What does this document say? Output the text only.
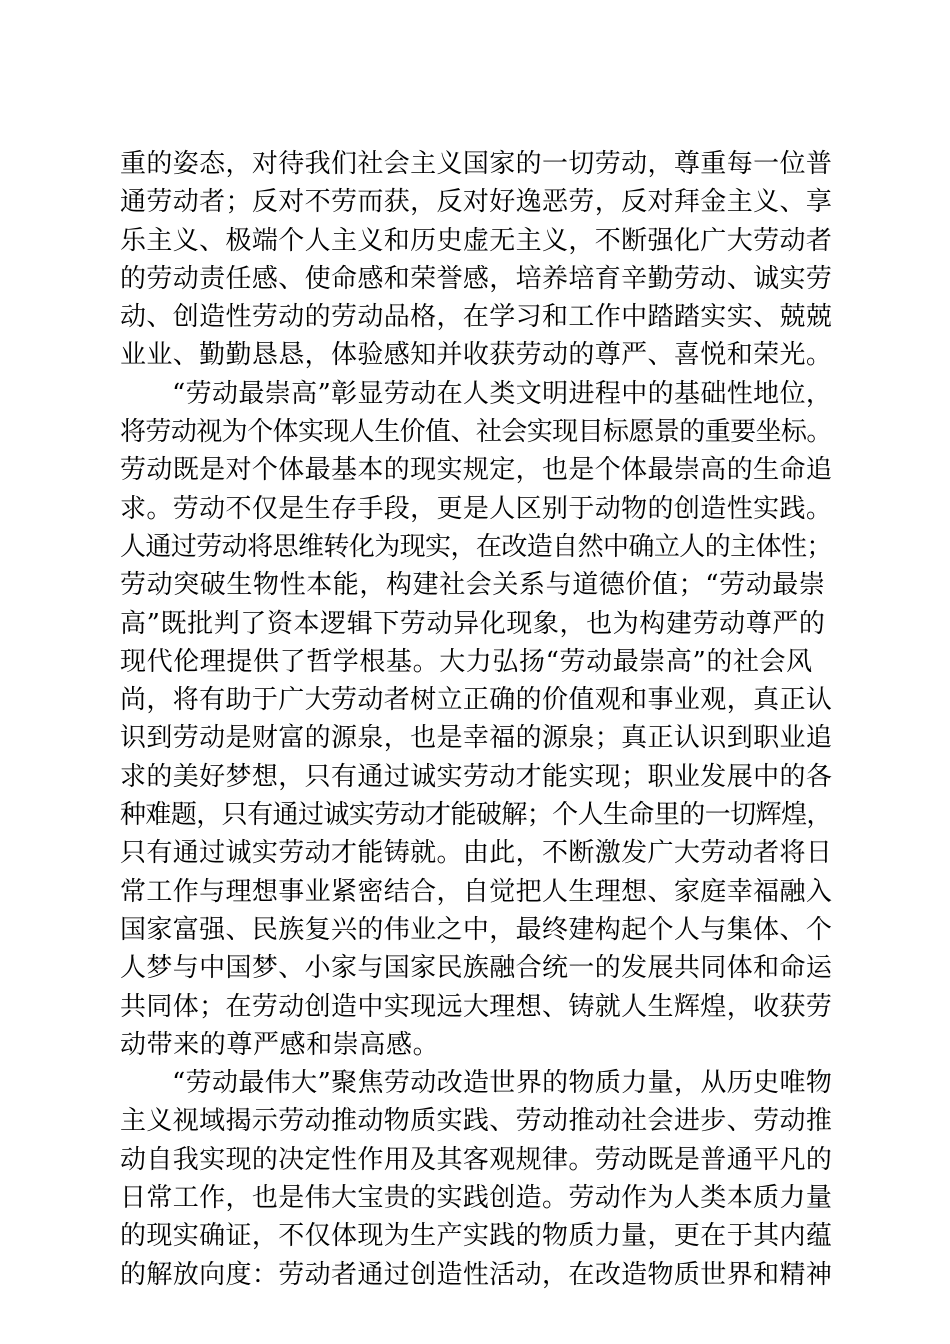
重的姿态，对待我们社会主义国家的一切劳动，尊重每一位普
通劳动者；反对不劳而获，反对好逸恶劳，反对拜金主义、享
乐主义、极端个人主义和历史虚无主义，不断强化广大劳动者
的劳动责任感、使命感和荣誉感，培养培育辛勤劳动、诚实劳
动、创造性劳动的劳动品格，在学习和工作中踏踏实实、兢兢
业业、勤勤恳恳，体验感知并收获劳动的尊严、喜悦和荣光。
“劳动最崇高”彰显劳动在人类文明进程中的基础性地位，
将劳动视为个体实现人生价值、社会实现目标愿景的重要坐标。
劳动既是对个体最基本的现实规定，也是个体最崇高的生命追
求。劳动不仅是生存手段，更是人区别于动物的创造性实践。
人通过劳动将思维转化为现实，在改造自然中确立人的主体性；
劳动突破生物性本能，构建社会关系与道德价值；“劳动最崇
高”既批判了资本逻辑下劳动异化现象，也为构建劳动尊严的
现代伦理提供了哲学根基。大力弘扬“劳动最崇高”的社会风
尚，将有助于广大劳动者树立正确的价值观和事业观，真正认
识到劳动是财富的源泉，也是幸福的源泉；真正认识到职业追
求的美好梦想，只有通过诚实劳动才能实现；职业发展中的各
种难题，只有通过诚实劳动才能破解；个人生命里的一切辉煌，
只有通过诚实劳动才能铸就。由此，不断激发广大劳动者将日
常工作与理想事业紧密结合，自觉把人生理想、家庭幸福融入
国家富强、民族复兴的伟业之中，最终建构起个人与集体、个
人梦与中国梦、小家与国家民族融合统一的发展共同体和命运
共同体；在劳动创造中实现远大理想、铸就人生辉煌，收获劳
动带来的尊严感和崇高感。
“劳动最伟大”聚焦劳动改造世界的物质力量，从历史唯物
主义视域揭示劳动推动物质实践、劳动推动社会进步、劳动推
动自我实现的决定性作用及其客观规律。劳动既是普通平凡的
日常工作，也是伟大宝贵的实践创造。劳动作为人类本质力量
的现实确证，不仅体现为生产实践的物质力量，更在于其内蕴
的解放向度：劳动者通过创造性活动，在改造物质世界和精神
